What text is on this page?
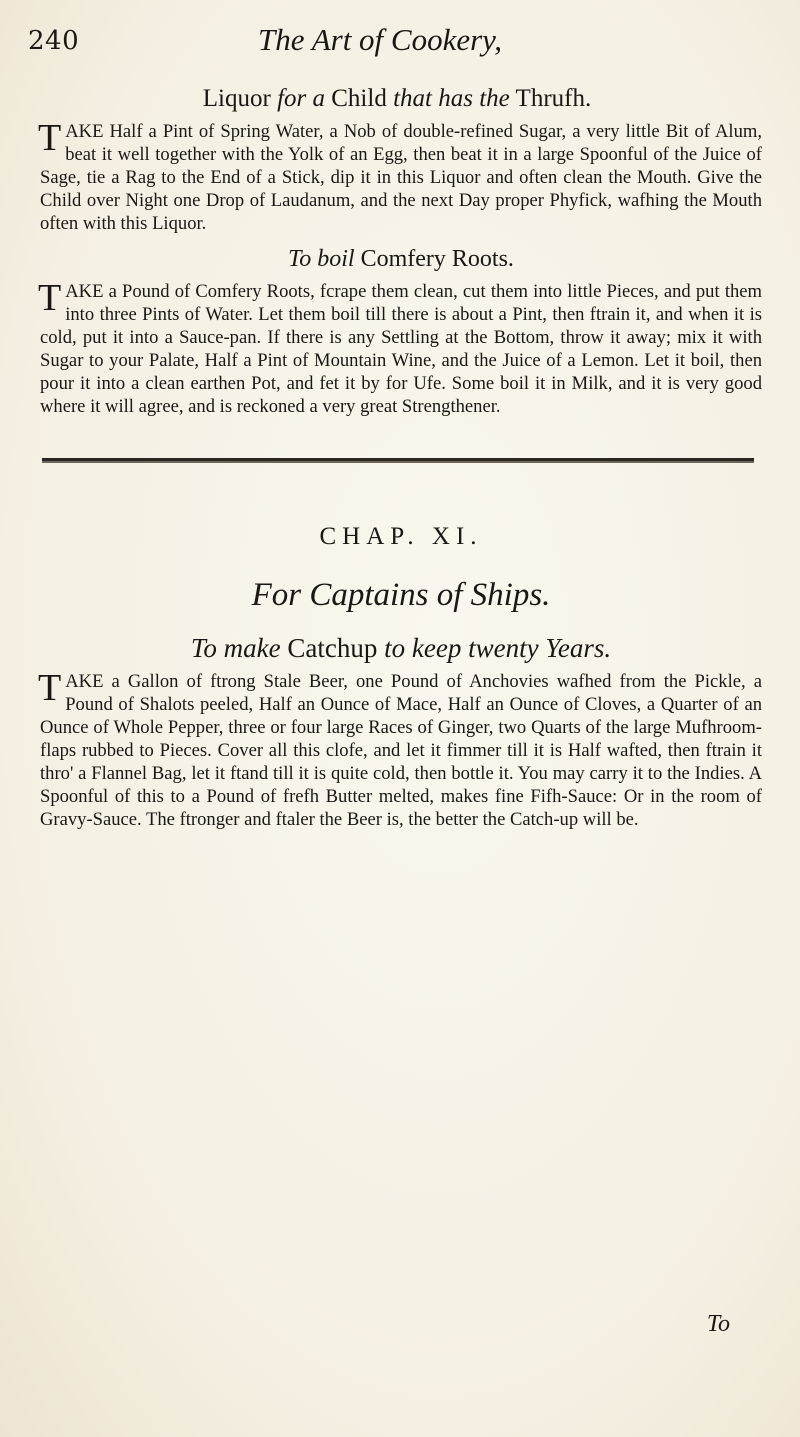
240	The Art of Cookery,
Liquor for a Child that has the Thrufh.

TAKE Half a Pint of Spring Water, a Nob of double-refined Sugar, a very little Bit of Alum, beat it well together with the Yolk of an Egg, then beat it in a large Spoonful of the Juice of Sage, tie a Rag to the End of a Stick, dip it in this Liquor and often clean the Mouth. Give the Child over Night one Drop of Laudanum, and the next Day proper Phyfick, wafhing the Mouth often with this Liquor.

To boil Comfery Roots.

TAKE a Pound of Comfery Roots, fcrape them clean, cut them into little Pieces, and put them into three Pints of Water. Let them boil till there is about a Pint, then ftrain it, and when it is cold, put it into a Sauce-pan. If there is any Settling at the Bottom, throw it away; mix it with Sugar to your Palate, Half a Pint of Mountain Wine, and the Juice of a Lemon. Let it boil, then pour it into a clean earthen Pot, and fet it by for Ufe. Some boil it in Milk, and it is very good where it will agree, and is reckoned a very great Strengthener.

CHAP. XI.
For Captains of Ships.
To make Catchup to keep twenty Years.

TAKE a Gallon of ftrong Stale Beer, one Pound of Anchovies wafhed from the Pickle, a Pound of Shalots peeled, Half an Ounce of Mace, Half an Ounce of Cloves, a Quarter of an Ounce of Whole Pepper, three or four large Races of Ginger, two Quarts of the large Mufhroom-flaps rubbed to Pieces. Cover all this clofe, and let it fimmer till it is Half wafted, then ftrain it thro' a Flannel Bag, let it ftand till it is quite cold, then bottle it. You may carry it to the Indies. A Spoonful of this to a Pound of frefh Butter melted, makes fine Fifh-Sauce: Or in the room of Gravy-Sauce. The ftronger and ftaler the Beer is, the better the Catch-up will be.

To
